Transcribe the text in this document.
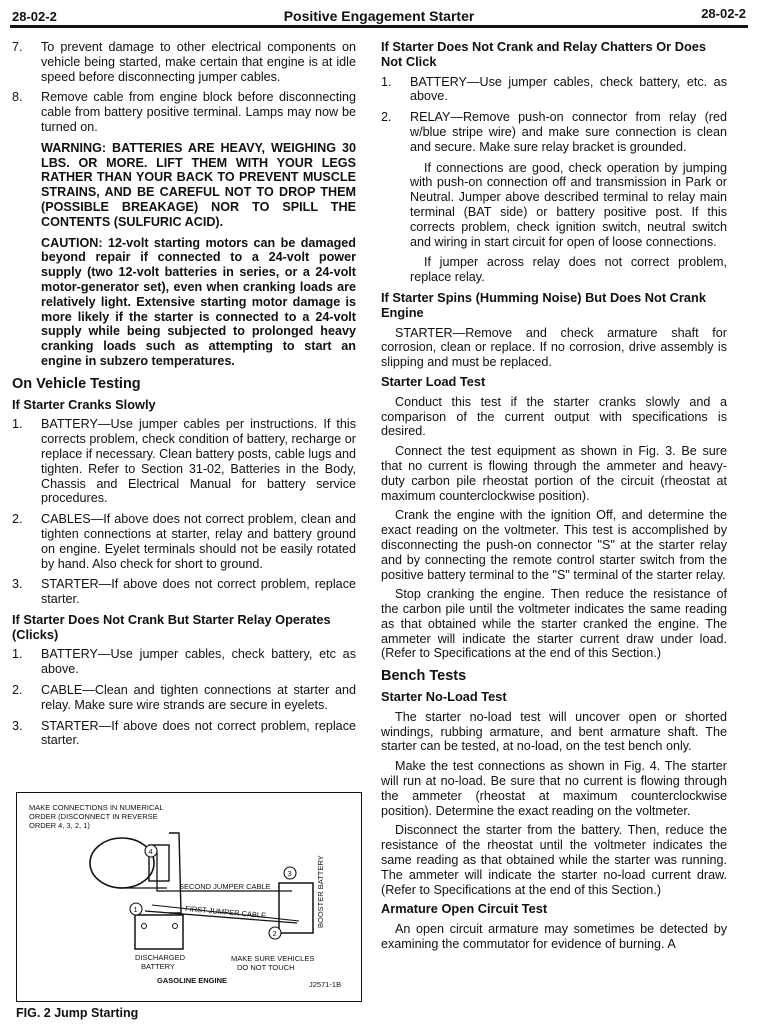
28-02-2	Positive Engagement Starter	28-02-2
7.	To prevent damage to other electrical components on vehicle being started, make certain that engine is at idle speed before disconnecting jumper cables.
8.	Remove cable from engine block before disconnecting cable from battery positive terminal. Lamps may now be turned on.
WARNING: BATTERIES ARE HEAVY, WEIGHING 30 LBS. OR MORE. LIFT THEM WITH YOUR LEGS RATHER THAN YOUR BACK TO PREVENT MUSCLE STRAINS, AND BE CAREFUL NOT TO DROP THEM (POSSIBLE BREAKAGE) NOR TO SPILL THE CONTENTS (SULFURIC ACID).
CAUTION: 12-volt starting motors can be damaged beyond repair if connected to a 24-volt power supply (two 12-volt batteries in series, or a 24-volt motor-generator set), even when cranking loads are relatively light. Extensive starting motor damage is more likely if the starter is connected to a 24-volt supply while being subjected to prolonged heavy cranking loads such as attempting to start an engine in subzero temperatures.
On Vehicle Testing
If Starter Cranks Slowly
1.	BATTERY—Use jumper cables per instructions. If this corrects problem, check condition of battery, recharge or replace if necessary. Clean battery posts, cable lugs and tighten. Refer to Section 31-02, Batteries in the Body, Chassis and Electrical Manual for battery service procedures.
2.	CABLES—If above does not correct problem, clean and tighten connections at starter, relay and battery ground on engine. Eyelet terminals should not be easily rotated by hand. Also check for short to ground.
3.	STARTER—If above does not correct problem, replace starter.
If Starter Does Not Crank But Starter Relay Operates (Clicks)
1.	BATTERY—Use jumper cables, check battery, etc as above.
2.	CABLE—Clean and tighten connections at starter and relay. Make sure wire strands are secure in eyelets.
3.	STARTER—If above does not correct problem, replace starter.
MAKE CONNECTIONS IN NUMERICAL
ORDER (DISCONNECT IN REVERSE
ORDER 4, 3, 2, 1)
SECOND JUMPER CABLE
FIRST JUMPER CABLE	BOOSTER BATTERY
DISCHARGED
BATTERY
MAKE SURE VEHICLES
DO NOT TOUCH
4
3
1
2
GASOLINE ENGINE	J2571-1B
FIG. 2 Jump Starting
If Starter Does Not Crank and Relay Chatters Or Does Not Click
1.	BATTERY—Use jumper cables, check battery, etc. as above.
2.	RELAY—Remove push-on connector from relay (red w/blue stripe wire) and make sure connection is clean and secure. Make sure relay bracket is grounded.
If connections are good, check operation by jumping with push-on connection off and transmission in Park or Neutral. Jumper above described terminal to relay main terminal (BAT side) or battery positive post. If this corrects problem, check ignition switch, neutral switch and wiring in start circuit for open of loose connections.
If jumper across relay does not correct problem, replace relay.
If Starter Spins (Humming Noise) But Does Not Crank Engine

STARTER—Remove and check armature shaft for corrosion, clean or replace. If no corrosion, drive assembly is slipping and must be replaced.

Starter Load Test

Conduct this test if the starter cranks slowly and a comparison of the current output with specifications is desired.

Connect the test equipment as shown in Fig. 3. Be sure that no current is flowing through the ammeter and heavy-duty carbon pile rheostat portion of the circuit (rheostat at maximum counterclockwise position).

Crank the engine with the ignition Off, and determine the exact reading on the voltmeter. This test is accomplished by disconnecting the push-on connector "S" at the starter relay and by connecting the remote control starter switch from the positive battery terminal to the "S" terminal of the starter relay.

Stop cranking the engine. Then reduce the resistance of the carbon pile until the voltmeter indicates the same reading as that obtained while the starter cranked the engine. The ammeter will indicate the starter current draw under load. (Refer to Specifications at the end of this Section.)

Bench Tests
Starter No-Load Test

The starter no-load test will uncover open or shorted windings, rubbing armature, and bent armature shaft. The starter can be tested, at no-load, on the test bench only.

Make the test connections as shown in Fig. 4. The starter will run at no-load. Be sure that no current is flowing through the ammeter (rheostat at maximum counterclockwise position). Determine the exact reading on the voltmeter.

Disconnect the starter from the battery. Then, reduce the resistance of the rheostat until the voltmeter indicates the same reading as that obtained while the starter was running. The ammeter will indicate the starter no-load current draw. (Refer to Specifications at the end of this Section.)

Armature Open Circuit Test

An open circuit armature may sometimes be detected by examining the commutator for evidence of burning. A
